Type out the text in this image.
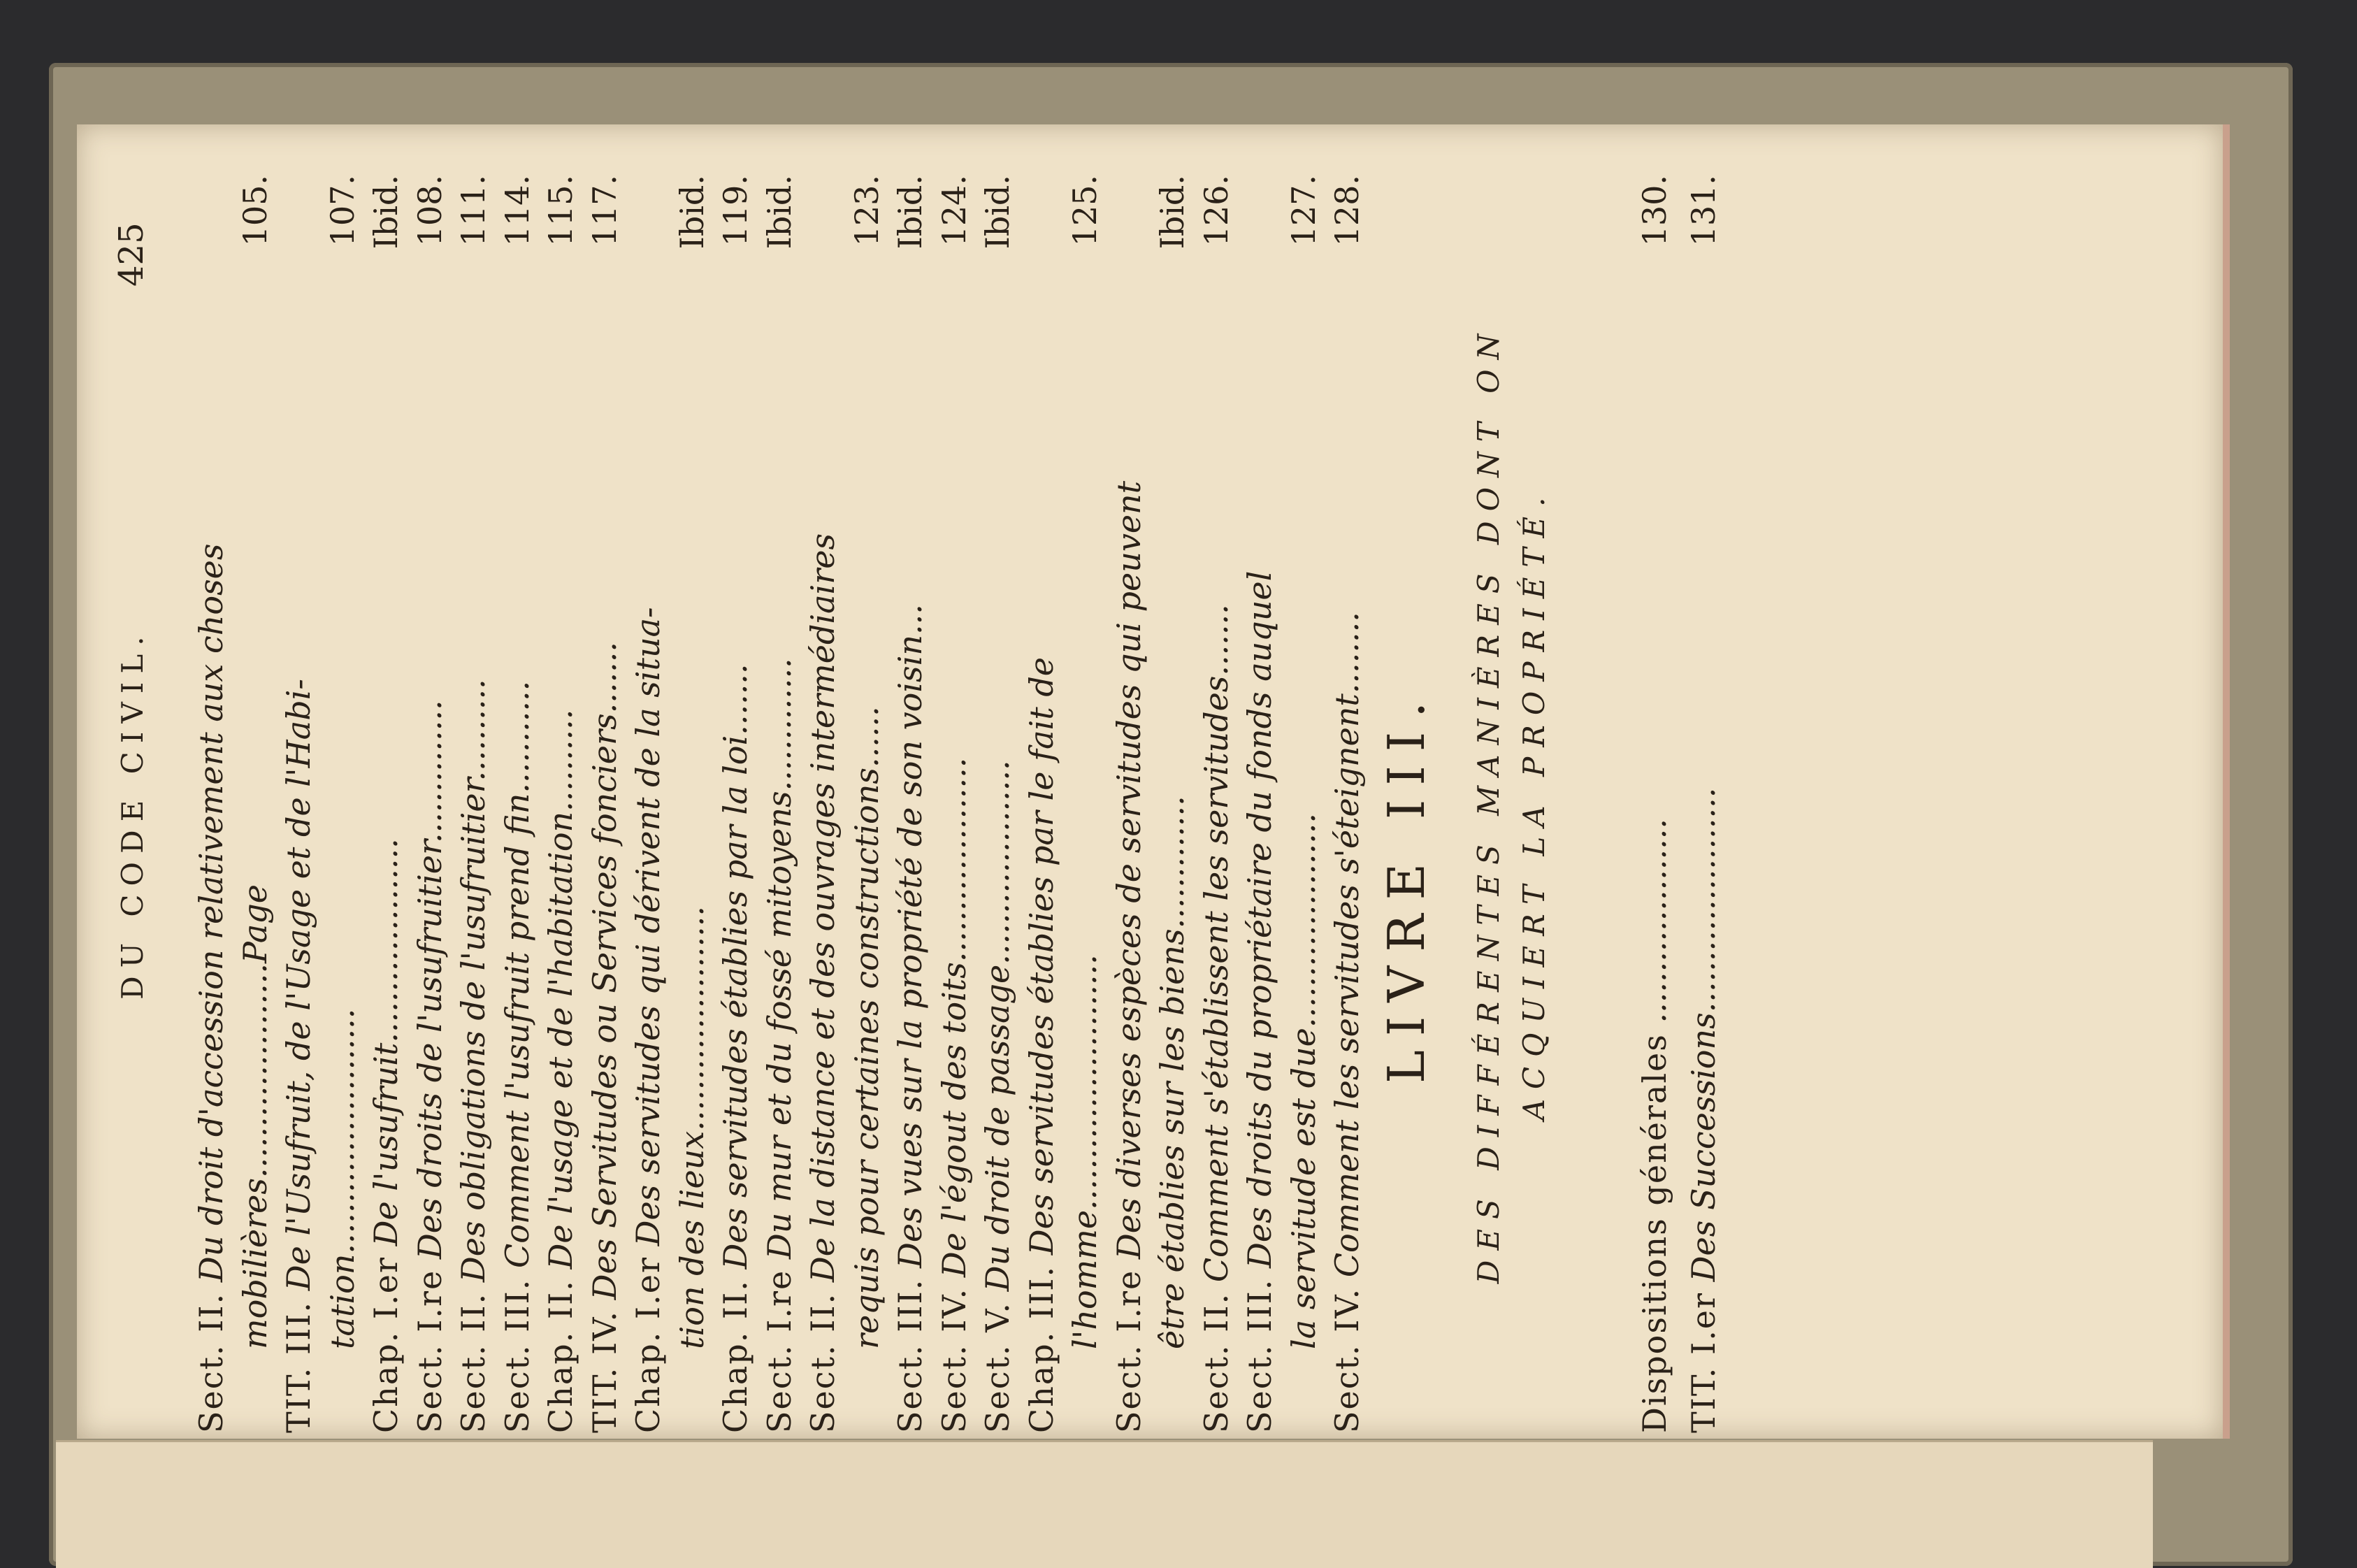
DU CODE CIVIL.
425
Sect. II. Du droit d'accession relativement aux choses mobilières.....................Page
105.
TIT. III. De l'Usufruit, de l'Usage et de l'Habi- tation........................
107.
Chap. I.er De l'usufruit....................
Ibid.
Sect. I.re Des droits de l'usufruitier..............
108.
Sect. II. Des obligations de l'usufruitier..........
111.
Sect. III. Comment l'usufruit prend fin...........
114.
Chap. II. De l'usage et de l'habitation..........
115.
TIT. IV. Des Servitudes ou Services fonciers.......
117.
Chap. I.er Des servitudes qui dérivent de la situa- tion des lieux......................
Ibid.
Chap. II. Des servitudes établies par la loi.......
119.
Sect. I.re Du mur et du fossé mitoyens.............
Ibid.
Sect. II. De la distance et des ouvrages intermédiaires requis pour certaines constructions......
123.
Sect. III. Des vues sur la propriété de son voisin...
Ibid.
Sect. IV. De l'égout des toits....................
124.
Sect. V. Du droit de passage....................
Ibid.
Chap. III. Des servitudes établies par le fait de l'homme.........................
125.
Sect. I.re Des diverses espèces de servitudes qui peuvent être établies sur les biens.............
Ibid.
Sect. II. Comment s'établissent les servitudes.......
126.
Sect. III. Des droits du propriétaire du fonds auquel la servitude est due.....................
127.
Sect. IV. Comment les servitudes s'éteignent........
128.
LIVRE III. DES DIFFÉRENTES MANIÈRES DONT ON ACQUIERT LA PROPRIÉTÉ.
Dispositions générales ....................
130.
TIT. I.er Des Successions......................
131.
